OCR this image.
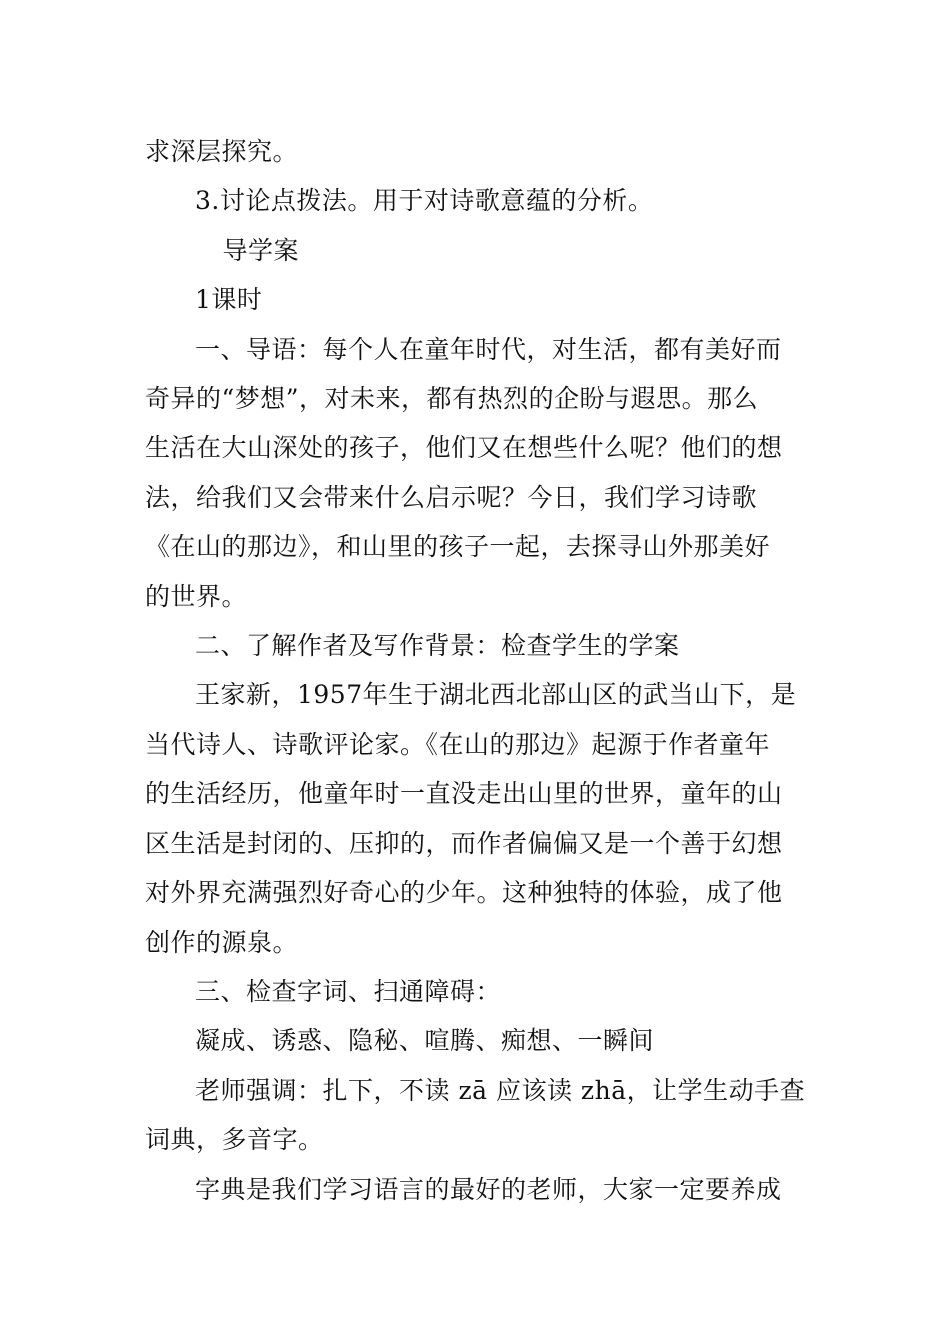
求深层探究。
3.讨论点拨法。用于对诗歌意蕴的分析。
导学案
1课时
一、导语：每个人在童年时代，对生活，都有美好而
奇异的“梦想”，对未来，都有热烈的企盼与遐思。那么
生活在大山深处的孩子，他们又在想些什么呢？他们的想
法，给我们又会带来什么启示呢？今日，我们学习诗歌
《在山的那边》，和山里的孩子一起，去探寻山外那美好
的世界。
二、了解作者及写作背景：检查学生的学案
王家新，1957年生于湖北西北部山区的武当山下，是
当代诗人、诗歌评论家。《在山的那边》起源于作者童年
的生活经历，他童年时一直没走出山里的世界，童年的山
区生活是封闭的、压抑的，而作者偏偏又是一个善于幻想
对外界充满强烈好奇心的少年。这种独特的体验，成了他
创作的源泉。
三、检查字词、扫通障碍：
凝成、诱惑、隐秘、喧腾、痴想、一瞬间
老师强调：扎下，不读 zā 应该读 zhā，让学生动手查
词典，多音字。
字典是我们学习语言的最好的老师，大家一定要养成
